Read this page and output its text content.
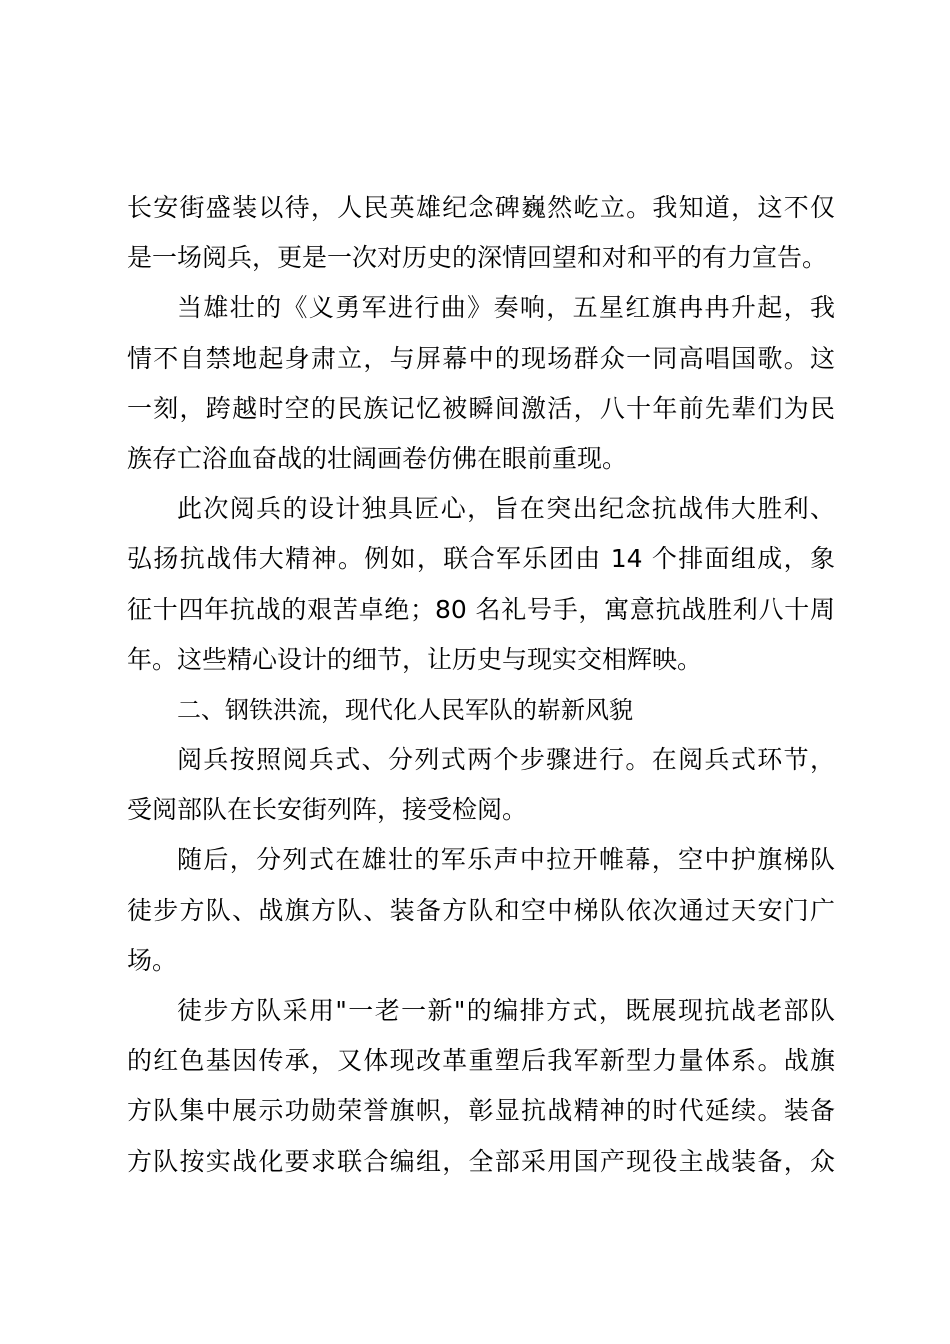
长安街盛装以待，人民英雄纪念碑巍然屹立。我知道，这不仅
是一场阅兵，更是一次对历史的深情回望和对和平的有力宣告。
当雄壮的《义勇军进行曲》奏响，五星红旗冉冉升起，我
情不自禁地起身肃立，与屏幕中的现场群众一同高唱国歌。这
一刻，跨越时空的民族记忆被瞬间激活，八十年前先辈们为民
族存亡浴血奋战的壮阔画卷仿佛在眼前重现。
此次阅兵的设计独具匠心，旨在突出纪念抗战伟大胜利、
弘扬抗战伟大精神。例如，联合军乐团由 14 个排面组成，象
征十四年抗战的艰苦卓绝；80 名礼号手，寓意抗战胜利八十周
年。这些精心设计的细节，让历史与现实交相辉映。
二、钢铁洪流，现代化人民军队的崭新风貌
阅兵按照阅兵式、分列式两个步骤进行。在阅兵式环节，
受阅部队在长安街列阵，接受检阅。
随后，分列式在雄壮的军乐声中拉开帷幕，空中护旗梯队
徒步方队、战旗方队、装备方队和空中梯队依次通过天安门广
场。
徒步方队采用"一老一新"的编排方式，既展现抗战老部队
的红色基因传承，又体现改革重塑后我军新型力量体系。战旗
方队集中展示功勋荣誉旗帜，彰显抗战精神的时代延续。装备
方队按实战化要求联合编组，全部采用国产现役主战装备，众
